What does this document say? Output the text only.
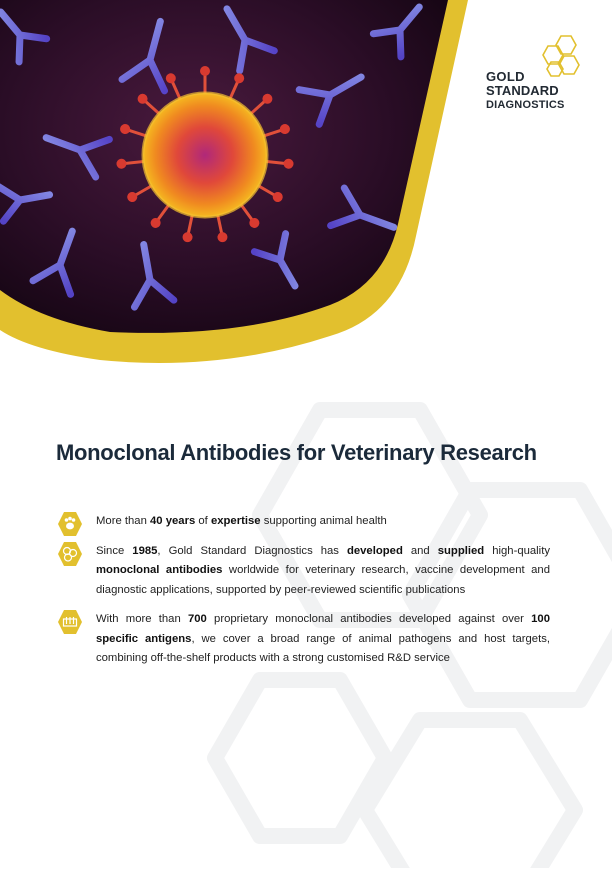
GOLD
STANDARD
DIAGNOSTICS
Monoclonal Antibodies for Veterinary Research
More than 40 years of expertise supporting animal health
Since 1985, Gold Standard Diagnostics has developed and supplied high-quality monoclonal antibodies worldwide for veterinary research, vaccine development and diagnostic applications, supported by peer-reviewed scientific publications
With more than 700 proprietary monoclonal antibodies developed against over 100 specific antigens, we cover a broad range of animal pathogens and host targets, combining off-the-shelf products with a strong customised R&D service
